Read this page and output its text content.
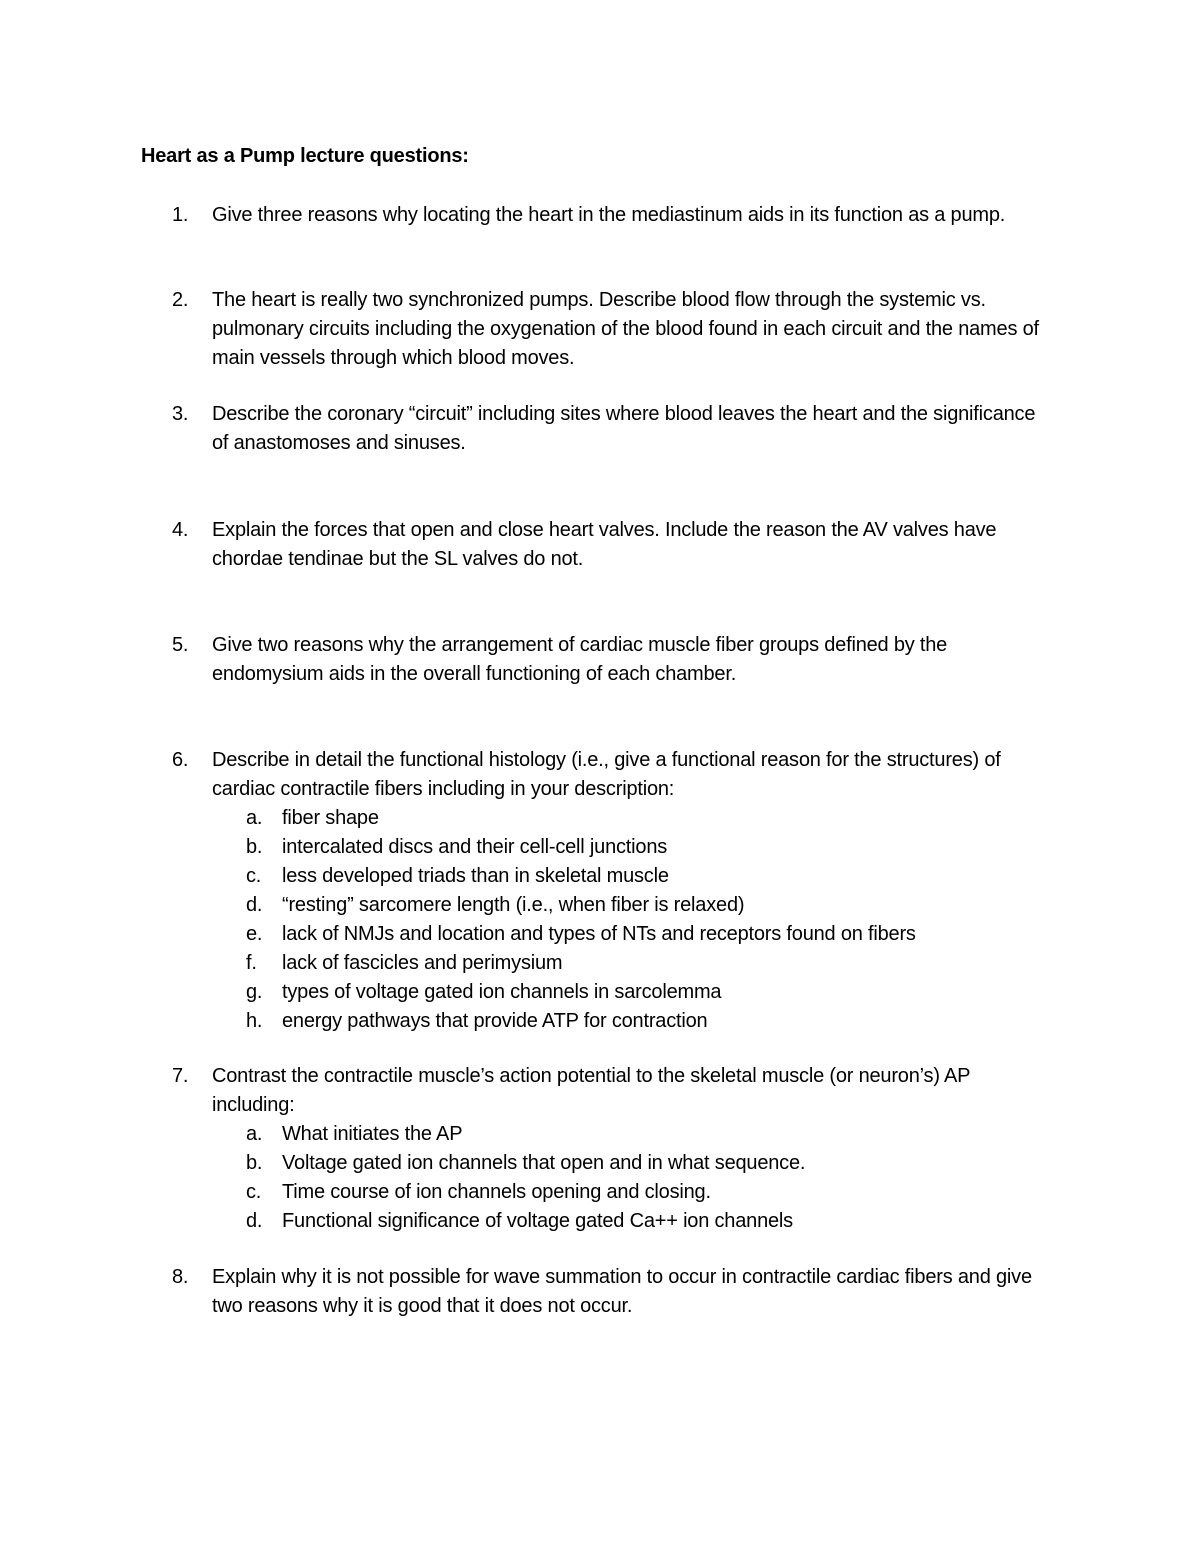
Heart as a Pump lecture questions:
1.	Give three reasons why locating the heart in the mediastinum aids in its function as a pump.
2.	The heart is really two synchronized pumps. Describe blood flow through the systemic vs. pulmonary circuits including the oxygenation of the blood found in each circuit and the names of main vessels through which blood moves.
3.	Describe the coronary “circuit” including sites where blood leaves the heart and the significance of anastomoses and sinuses.
4.	Explain the forces that open and close heart valves. Include the reason the AV valves have chordae tendinae but the SL valves do not.
5.	Give two reasons why the arrangement of cardiac muscle fiber groups defined by the endomysium aids in the overall functioning of each chamber.
6.	Describe in detail the functional histology (i.e., give a functional reason for the structures) of cardiac contractile fibers including in your description:
a. fiber shape
b. intercalated discs and their cell-cell junctions
c. less developed triads than in skeletal muscle
d. “resting” sarcomere length (i.e., when fiber is relaxed)
e. lack of NMJs and location and types of NTs and receptors found on fibers
f. lack of fascicles and perimysium
g. types of voltage gated ion channels in sarcolemma
h. energy pathways that provide ATP for contraction
7.	Contrast the contractile muscle’s action potential to the skeletal muscle (or neuron’s) AP including:
a. What initiates the AP
b. Voltage gated ion channels that open and in what sequence.
c. Time course of ion channels opening and closing.
d. Functional significance of voltage gated Ca++ ion channels
8.	Explain why it is not possible for wave summation to occur in contractile cardiac fibers and give two reasons why it is good that it does not occur.
